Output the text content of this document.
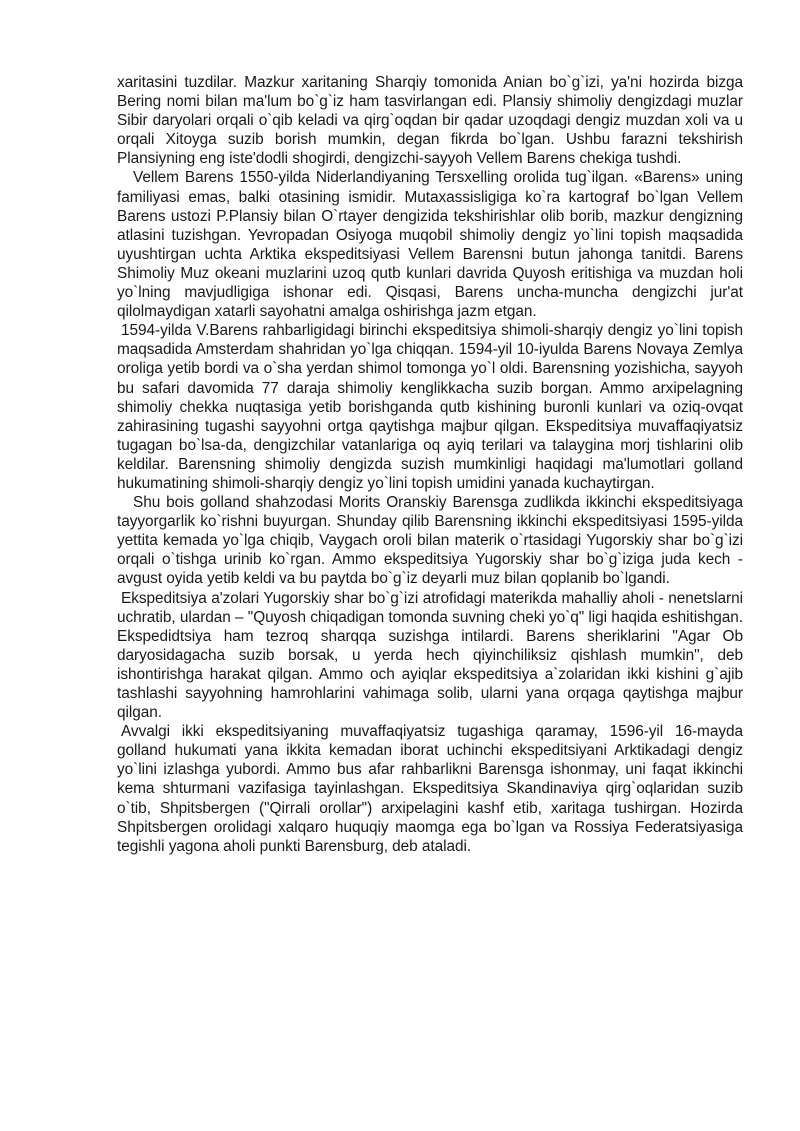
xaritasini tuzdilar. Mazkur xaritaning Sharqiy tomonida Anian bo`g`izi, ya'ni hozirda bizga Bering nomi bilan ma'lum bo`g`iz ham tasvirlangan edi. Plansiy shimoliy dengizdagi muzlar Sibir daryolari orqali o`qib keladi va qirg`oqdan bir qadar uzoqdagi dengiz muzdan xoli va u orqali Xitoyga suzib borish mumkin, degan fikrda bo`lgan. Ushbu farazni tekshirish Plansiyning eng iste'dodli shogirdi, dengizchi-sayyoh Vellem Barens chekiga tushdi.

Vellem Barens 1550-yilda Niderlandiyaning Tersxelling orolida tug`ilgan. «Barens» uning familiyasi emas, balki otasining ismidir. Mutaxassisligiga ko`ra kartograf bo`lgan Vellem Barens ustozi P.Plansiy bilan O`rtayer dengizida tekshirishlar olib borib, mazkur dengizning atlasini tuzishgan. Yevropadan Osiyoga muqobil shimoliy dengiz yo`lini topish maqsadida uyushtirgan uchta Arktika ekspeditsiyasi Vellem Barensni butun jahonga tanitdi. Barens Shimoliy Muz okeani muzlarini uzoq qutb kunlari davrida Quyosh eritishiga va muzdan holi yo`lning mavjudligiga ishonar edi. Qisqasi, Barens uncha-muncha dengizchi jur'at qilolmaydigan xatarli sayohatni amalga oshirishga jazm etgan.

1594-yilda V.Barens rahbarligidagi birinchi ekspeditsiya shimoli-sharqiy dengiz yo`lini topish maqsadida Amsterdam shahridan yo`lga chiqqan. 1594-yil 10-iyulda Barens Novaya Zemlya oroliga yetib bordi va o`sha yerdan shimol tomonga yo`l oldi. Barensning yozishicha, sayyoh bu safari davomida 77 daraja shimoliy kenglikkacha suzib borgan. Ammo arxipelagning shimoliy chekka nuqtasiga yetib borishganda qutb kishining buronli kunlari va oziq-ovqat zahirasining tugashi sayyohni ortga qaytishga majbur qilgan. Ekspeditsiya muvaffaqiyatsiz tugagan bo`lsa-da, dengizchilar vatanlariga oq ayiq terilari va talaygina morj tishlarini olib keldilar. Barensning shimoliy dengizda suzish mumkinligi haqidagi ma'lumotlari golland hukumatining shimoli-sharqiy dengiz yo`lini topish umidini yanada kuchaytirgan.

Shu bois golland shahzodasi Morits Oranskiy Barensga zudlikda ikkinchi ekspeditsiyaga tayyorgarlik ko`rishni buyurgan. Shunday qilib Barensning ikkinchi ekspeditsiyasi 1595-yilda yettita kemada yo`lga chiqib, Vaygach oroli bilan materik o`rtasidagi Yugorskiy shar bo`g`izi orqali o`tishga urinib ko`rgan. Ammo ekspeditsiya Yugorskiy shar bo`g`iziga juda kech - avgust oyida yetib keldi va bu paytda bo`g`iz deyarli muz bilan qoplanib bo`lgandi.

Ekspeditsiya a'zolari Yugorskiy shar bo`g`izi atrofidagi materikda mahalliy aholi - nenetslarni uchratib, ulardan – "Quyosh chiqadigan tomonda suvning cheki yo`q" ligi haqida eshitishgan. Ekspedidtsiya ham tezroq sharqqa suzishga intilardi. Barens sheriklarini "Agar Ob daryosidagacha suzib borsak, u yerda hech qiyinchiliksiz qishlash mumkin", deb ishontirishga harakat qilgan. Ammo och ayiqlar ekspeditsiya a`zolaridan ikki kishini g`ajib tashlashi sayyohning hamrohlarini vahimaga solib, ularni yana orqaga qaytishga majbur qilgan.

Avvalgi ikki ekspeditsiyaning muvaffaqiyatsiz tugashiga qaramay, 1596-yil 16-mayda golland hukumati yana ikkita kemadan iborat uchinchi ekspeditsiyani Arktikadagi dengiz yo`lini izlashga yubordi. Ammo bus afar rahbarlikni Barensga ishonmay, uni faqat ikkinchi kema shturmani vazifasiga tayinlashgan. Ekspeditsiya Skandinaviya qirg`oqlaridan suzib o`tib, Shpitsbergen ("Qirrali orollar") arxipelagini kashf etib, xaritaga tushirgan. Hozirda Shpitsbergen orolidagi xalqaro huquqiy maomga ega bo`lgan va Rossiya Federatsiyasiga tegishli yagona aholi punkti Barensburg, deb ataladi.
